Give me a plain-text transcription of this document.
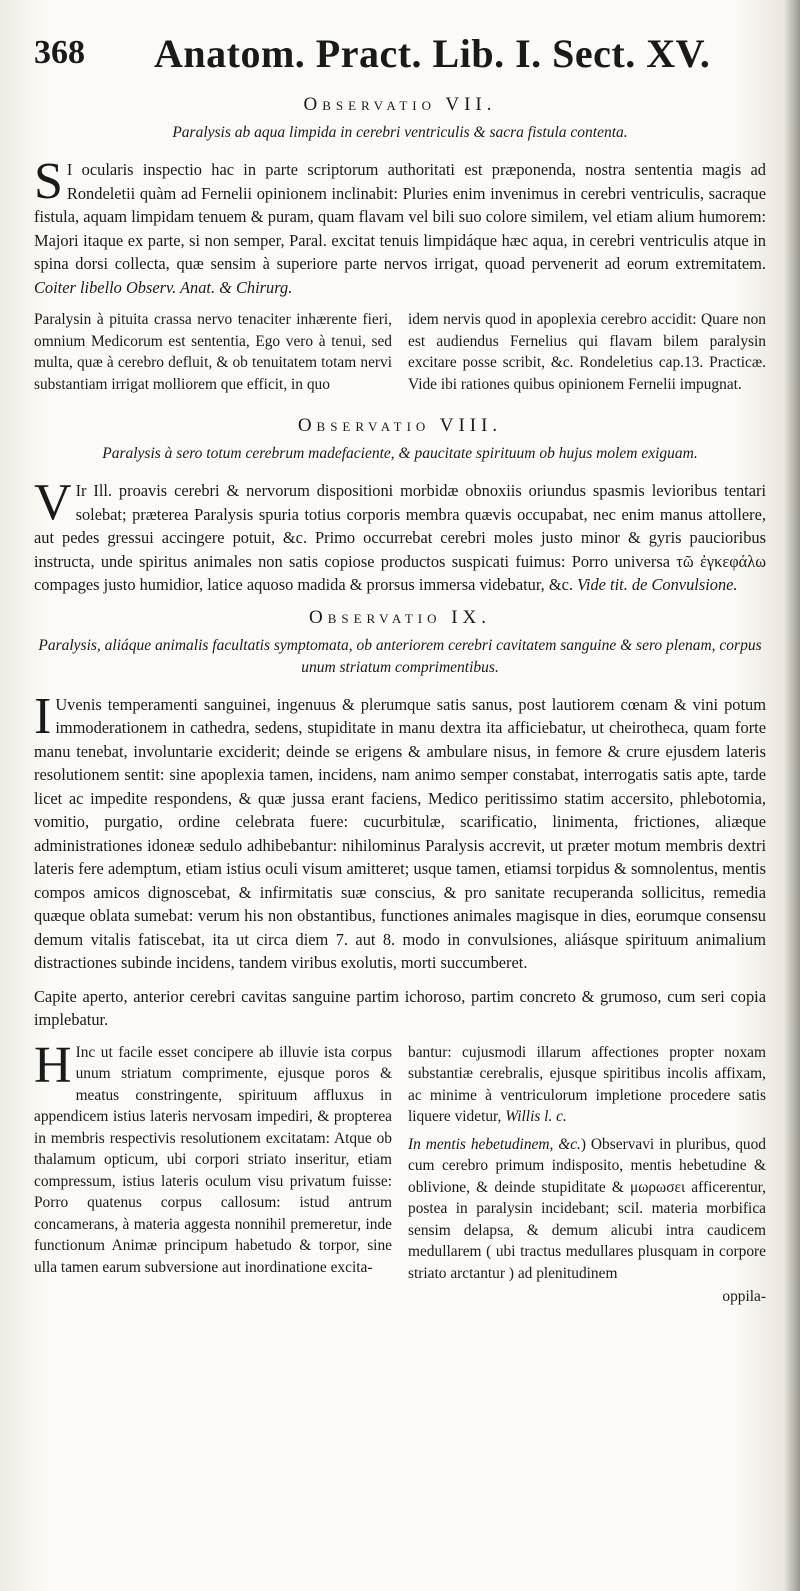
368 Anatom. Pract. Lib. I. Sect. XV.
Observatio VII.
Paralysis ab aqua limpida in cerebri ventriculis & sacra fistula contenta.

S I ocularis inspectio hac in parte scriptorum authoritati est præponenda, nostra sententia magis ad Rondeletii quàm ad Fernelii opinionem inclinabit: Pluries enim invenimus in cerebri ventriculis, sacraque fistula, aquam limpidam tenuem & puram, quam flavam vel bili suo colore similem, vel etiam alium humorem: Majori itaque ex parte, si non semper, Paral. excitat tenuis limpidáque hæc aqua, in cerebri ventriculis atque in spina dorsi collecta, quæ sensim à superiore parte nervos irrigat, quoad pervenerit ad eorum extremitatem. Coiter libello Observ. Anat. & Chirurg.

Paralysin à pituita crassa nervo tenaciter inhærente fieri, omnium Medicorum est sententia, Ego vero à tenui, sed multa, quæ à cerebro defluit, & ob tenuitatem totam nervi substantiam irrigat molliorem que efficit, in quo

idem nervis quod in apoplexia cerebro accidit: Quare non est audiendus Fernelius qui flavam bilem paralysin excitare posse scribit, &c. Rondeletius cap.13. Practicæ. Vide ibi rationes quibus opinionem Fernelii impugnat.

Observatio VIII.
Paralysis à sero totum cerebrum madefaciente, & paucitate spirituum ob hujus molem exiguam.

V Ir Ill. proavis cerebri & nervorum dispositioni morbidæ obnoxiis oriundus spasmis levioribus tentari solebat; præterea Paralysis spuria totius corporis membra quævis occupabat, nec enim manus attollere, aut pedes gressui accingere potuit, &c. Primo occurrebat cerebri moles justo minor & gyris paucioribus instructa, unde spiritus animales non satis copiose productos suspicati fuimus: Porro universa τῶ ἐγκεφάλω compages justo humidior, latice aquoso madida & prorsus immersa videbatur, &c. Vide tit. de Convulsione.

Observatio IX.
Paralysis, aliáque animalis facultatis symptomata, ob anteriorem cerebri cavitatem sanguine & sero plenam, corpus unum striatum comprimentibus.

I Uvenis temperamenti sanguinei, ingenuus & plerumque satis sanus, post lautiorem cœnam & vini potum immoderationem in cathedra, sedens, stupiditate in manu dextra ita afficiebatur, ut cheirotheca, quam forte manu tenebat, involuntarie exciderit; deinde se erigens & ambulare nisus, in femore & crure ejusdem lateris resolutionem sentit: sine apoplexia tamen, incidens, nam animo semper constabat, interrogatis satis apte, tarde licet ac impedite respondens, & quæ jussa erant faciens, Medico peritissimo statim accersito, phlebotomia, vomitio, purgatio, ordine celebrata fuere: cucurbitulæ, scarificatio, linimenta, frictiones, aliæque administrationes idoneæ sedulo adhibebantur: nihilominus Paralysis accrevit, ut præter motum membris dextri lateris fere ademptum, etiam istius oculi visum amitteret; usque tamen, etiamsi torpidus & somnolentus, mentis compos amicos dignoscebat, & infirmitatis suæ conscius, & pro sanitate recuperanda sollicitus, remedia quæque oblata sumebat: verum his non obstantibus, functiones animales magisque in dies, eorumque consensu demum vitalis fatiscebat, ita ut circa diem 7. aut 8. modo in convulsiones, aliásque spirituum animalium distractiones subinde incidens, tandem viribus exolutis, morti succumberet.

Capite aperto, anterior cerebri cavitas sanguine partim ichoroso, partim concreto & grumoso, cum seri copia implebatur.

H Inc ut facile esset concipere ab illuvie ista corpus unum striatum comprimente, ejusque poros & meatus constringente, spirituum affluxus in appendicem istius lateris nervosam impediri, & propterea in membris respectivis resolutionem excitatam: Atque ob thalamum opticum, ubi corpori striato inseritur, etiam compressum, istius lateris oculum visu privatum fuisse: Porro quatenus corpus callosum: istud antrum concamerans, à materia aggesta nonnihil premeretur, inde functionum Animæ principum habetudo & torpor, sine ulla tamen earum subversione aut inordinatione excita-

bantur: cujusmodi illarum affectiones propter noxam substantiæ cerebralis, ejusque spiritibus incolis affixam, ac minime à ventriculorum impletione procedere satis liquere videtur, Willis l. c.

In mentis hebetudinem, &c.) Observavi in pluribus, quod cum cerebro primum indisposito, mentis hebetudine & oblivione, & deinde stupiditate & μωρωσει afficerentur, postea in paralysin incidebant; scil. materia morbifica sensim delapsa, & demum alicubi intra caudicem medullarem ( ubi tractus medullares plusquam in corpore striato arctantur ) ad plenitudinem

oppila-
